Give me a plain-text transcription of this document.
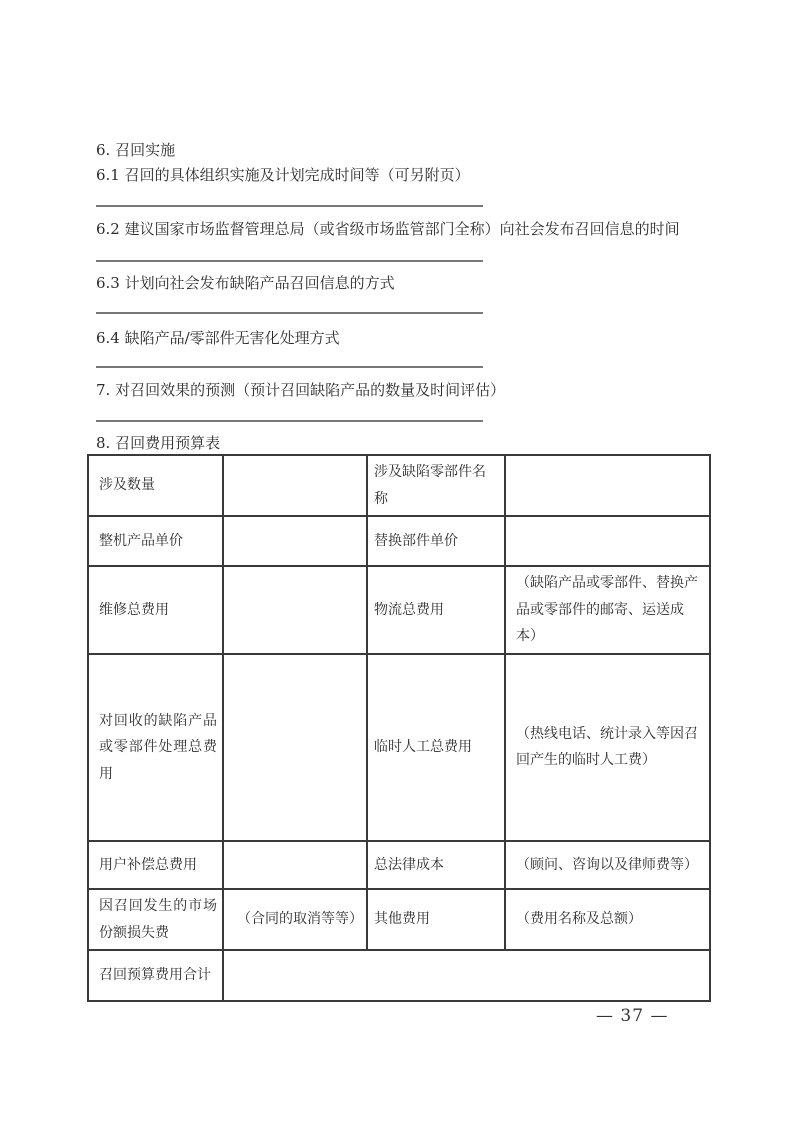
6. 召回实施
6.1 召回的具体组织实施及计划完成时间等（可另附页）
6.2 建议国家市场监督管理总局（或省级市场监管部门全称）向社会发布召回信息的时间
6.3 计划向社会发布缺陷产品召回信息的方式
6.4 缺陷产品/零部件无害化处理方式
7. 对召回效果的预测（预计召回缺陷产品的数量及时间评估）
8. 召回费用预算表
涉及数量		涉及缺陷零部件名称	
整机产品单价		替换部件单价	
维修总费用		物流总费用	（缺陷产品或零部件、替换产品或零部件的邮寄、运送成本）
对回收的缺陷产品或零部件处理总费用		临时人工总费用	（热线电话、统计录入等因召回产生的临时人工费）
用户补偿总费用		总法律成本	（顾问、咨询以及律师费等）
因召回发生的市场份额损失费	（合同的取消等等）	其他费用	（费用名称及总额）
召回预算费用合计			
— 37 —
